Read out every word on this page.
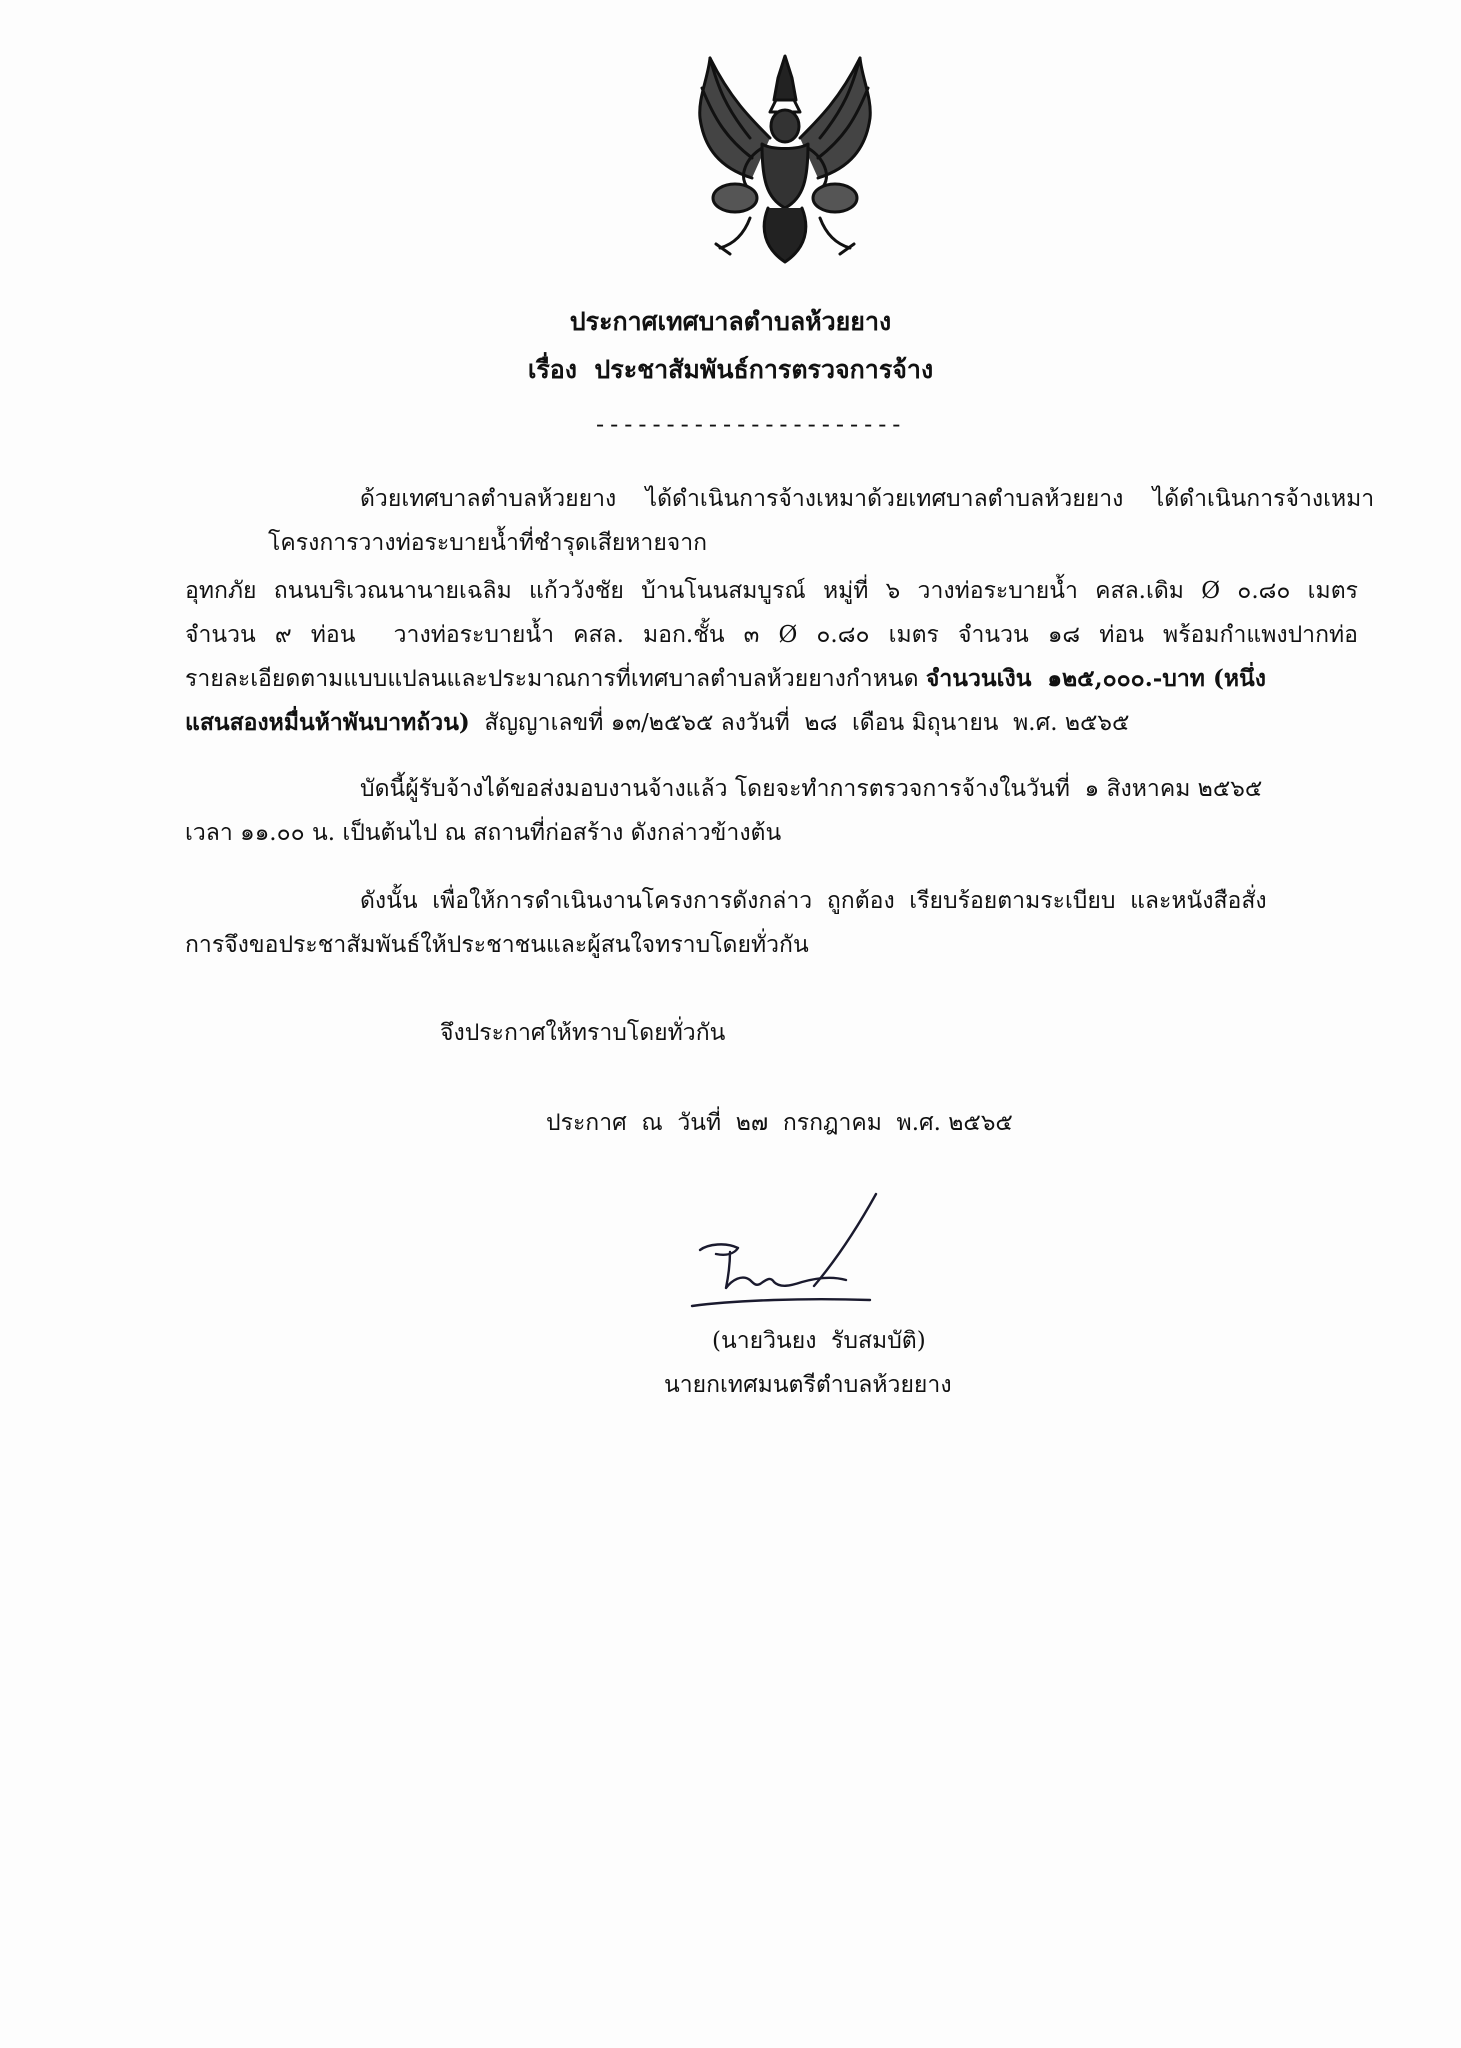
ประกาศเทศบาลตำบลห้วยยาง
เรื่อง  ประชาสัมพันธ์การตรวจการจ้าง
----------------------
ด้วยเทศบาลตำบลห้วยยาง    ได้ดำเนินการจ้างเหมาด้วยเทศบาลตำบลห้วยยาง    ได้ดำเนินการจ้างเหมา
โครงการวางท่อระบายน้ำที่ชำรุดเสียหายจาก
อุทกภัย ถนนบริเวณนานายเฉลิม แก้ววังชัย บ้านโนนสมบูรณ์ หมู่ที่ ๖ วางท่อระบายน้ำ คสล.เดิม Ø ๐.๘๐ เมตร
จำนวน ๙ ท่อน  วางท่อระบายน้ำ คสล. มอก.ชั้น ๓ Ø ๐.๘๐ เมตร จำนวน ๑๘ ท่อน พร้อมกำแพงปากท่อ
รายละเอียดตามแบบแปลนและประมาณการที่เทศบาลตำบลห้วยยางกำหนด จำนวนเงิน  ๑๒๕,๐๐๐.-บาท (หนึ่ง
แสนสองหมื่นห้าพันบาทถ้วน)  สัญญาเลขที่ ๑๓/๒๕๖๕ ลงวันที่  ๒๘  เดือน มิถุนายน  พ.ศ. ๒๕๖๕
บัดนี้ผู้รับจ้างได้ขอส่งมอบงานจ้างแล้ว โดยจะทำการตรวจการจ้างในวันที่  ๑ สิงหาคม ๒๕๖๕
เวลา ๑๑.๐๐ น. เป็นต้นไป ณ สถานที่ก่อสร้าง ดังกล่าวข้างต้น
ดังนั้น  เพื่อให้การดำเนินงานโครงการดังกล่าว  ถูกต้อง  เรียบร้อยตามระเบียบ  และหนังสือสั่ง
การจึงขอประชาสัมพันธ์ให้ประชาชนและผู้สนใจทราบโดยทั่วกัน
จึงประกาศให้ทราบโดยทั่วกัน
ประกาศ  ณ  วันที่  ๒๗  กรกฎาคม  พ.ศ. ๒๕๖๕
(นายวินยง  รับสมบัติ)
นายกเทศมนตรีตำบลห้วยยาง
